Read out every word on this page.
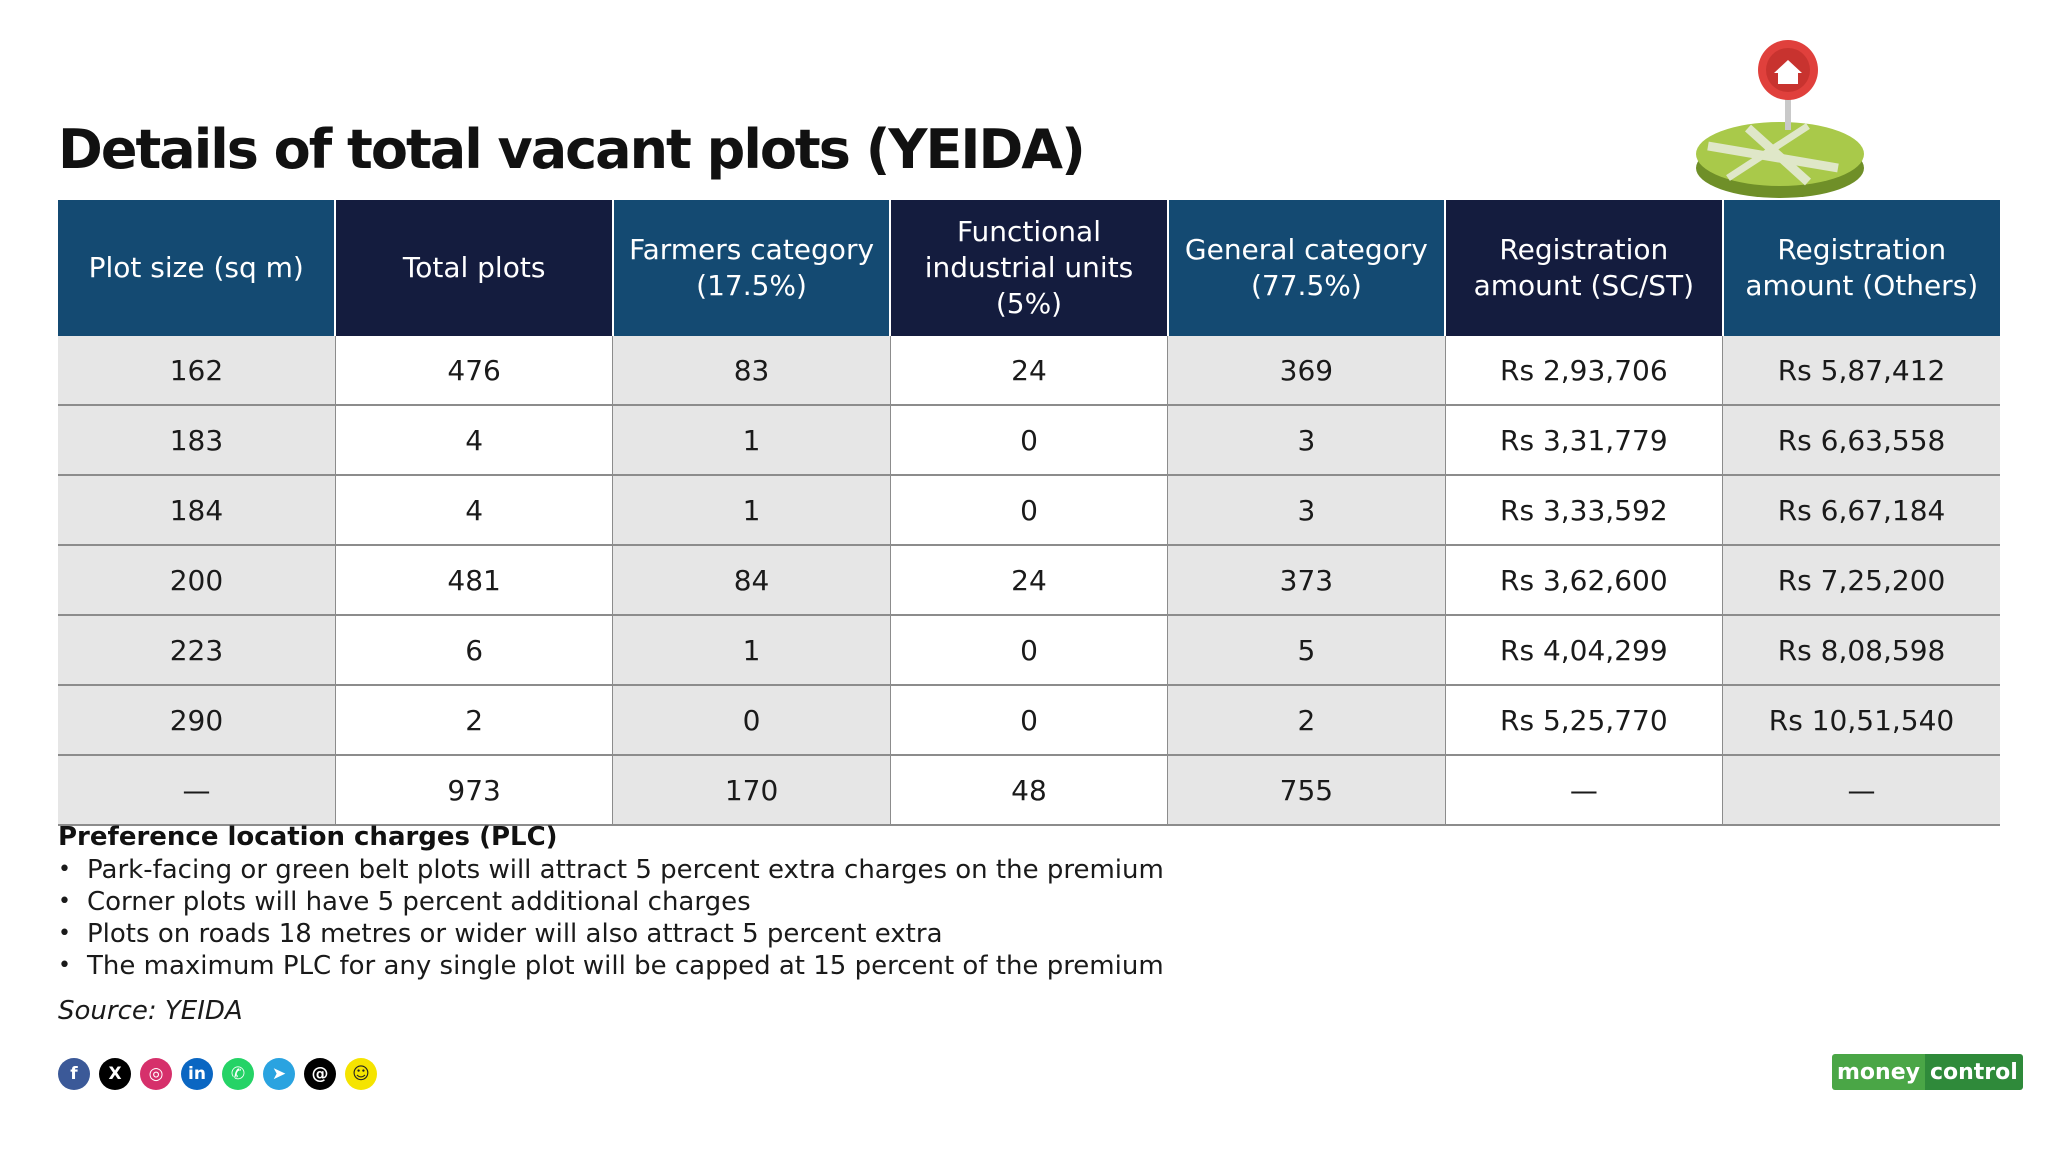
Details of total vacant plots (YEIDA)
Plot size (sq m)	Total plots	Farmers category (17.5%)	Functional industrial units (5%)	General category (77.5%)	Registration amount (SC/ST)	Registration amount (Others)
162	476	83	24	369	Rs 2,93,706	Rs 5,87,412
183	4	1	0	3	Rs 3,31,779	Rs 6,63,558
184	4	1	0	3	Rs 3,33,592	Rs 6,67,184
200	481	84	24	373	Rs 3,62,600	Rs 7,25,200
223	6	1	0	5	Rs 4,04,299	Rs 8,08,598
290	2	0	0	2	Rs 5,25,770	Rs 10,51,540
—	973	170	48	755	—	—
Preference location charges (PLC)
• Park-facing or green belt plots will attract 5 percent extra charges on the premium
• Corner plots will have 5 percent additional charges
• Plots on roads 18 metres or wider will also attract 5 percent extra
• The maximum PLC for any single plot will be capped at 15 percent of the premium
Source: YEIDA
f	X	◎	in	✆	➤	@	☺	money control
